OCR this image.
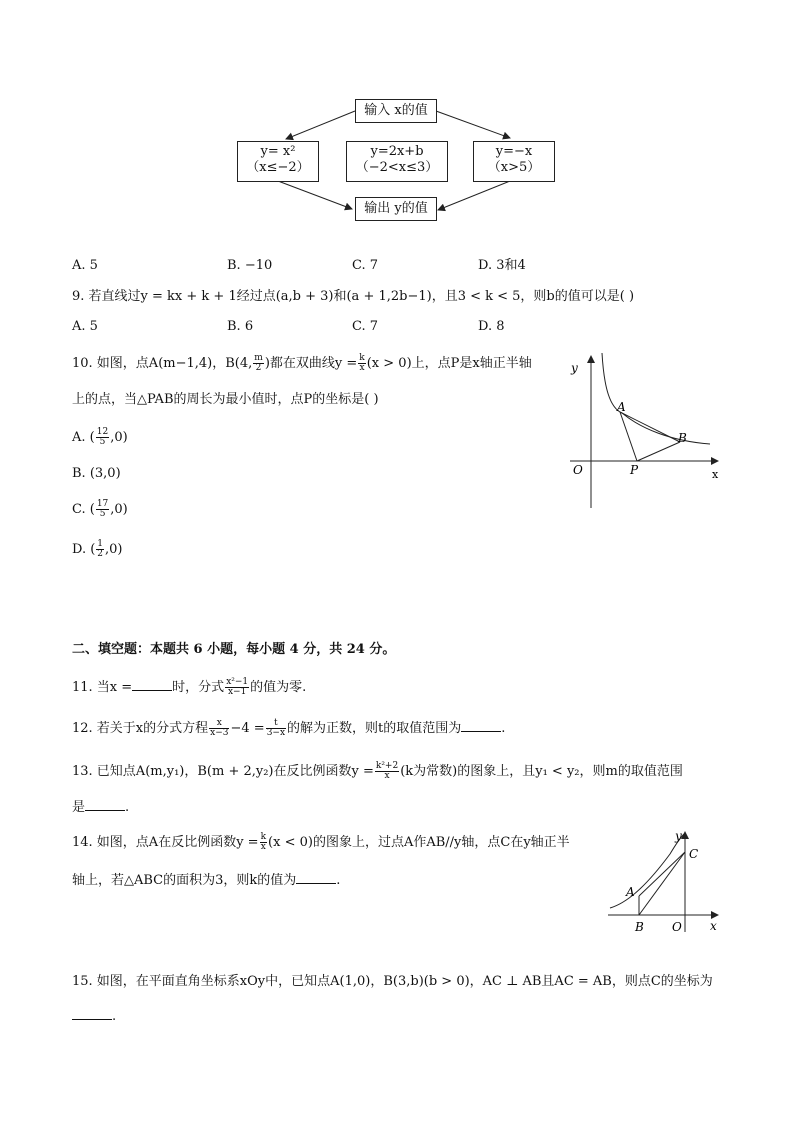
输入 x的值
y= x²
（x≤−2）
y=2x+b
（−2<x≤3）
y=−x
（x>5）
输出 y的值
A. 5	B. −10	C. 7	D. 3和4
9. 若直线过y = kx + k + 1经过点(a,b + 3)和(a + 1,2b−1)，且3 < k < 5，则b的值可以是( )
A. 5	B. 6	C. 7	D. 8
10. 如图，点A(m−1,4)，B(4, $\frac{m}{2}$ )都在双曲线$y = \frac{k}{x} (x > 0)$上，点P是x轴正半轴
上的点，当△PAB的周长为最小值时，点P的坐标是( )
A. ( $\frac{12}{5} ,0$)
B. (3,0)
C. ( $\frac{17}{5} ,0$)
D. ( $\frac{1}{2} ,0$)
y
x
O
A
B
P
二、填空题：本题共 6 小题，每小题 4 分，共 24 分。
11. 当x =	时，分式 $\frac{\text{x²−1}}{x-1}$ 的值为零.
12. 若关于x的分式方程 $\frac{x}{x-3} -4 = \frac{t}{3-x}$ 的解为正数，则t的取值范围为	.
13. 已知点A(m,y₁)，B(m + 2,y₂)在反比例函数$y = \frac{\text{k²+2}}{x} (k$为常数)的图象上，且y₁ < y₂，则m的取值范围
是	.
14. 如图，点A在反比例函数$y = \frac{k}{x} (x < 0)$的图象上，过点A作AB//y轴，点C在y轴正半
轴上，若△ABC的面积为3，则k的值为	.
y
x
O
A
B
C
15. 如图，在平面直角坐标系xOy中，已知点A(1,0)，B(3,b)(b > 0)，AC ⊥ AB且AC = AB，则点C的坐标为
.
